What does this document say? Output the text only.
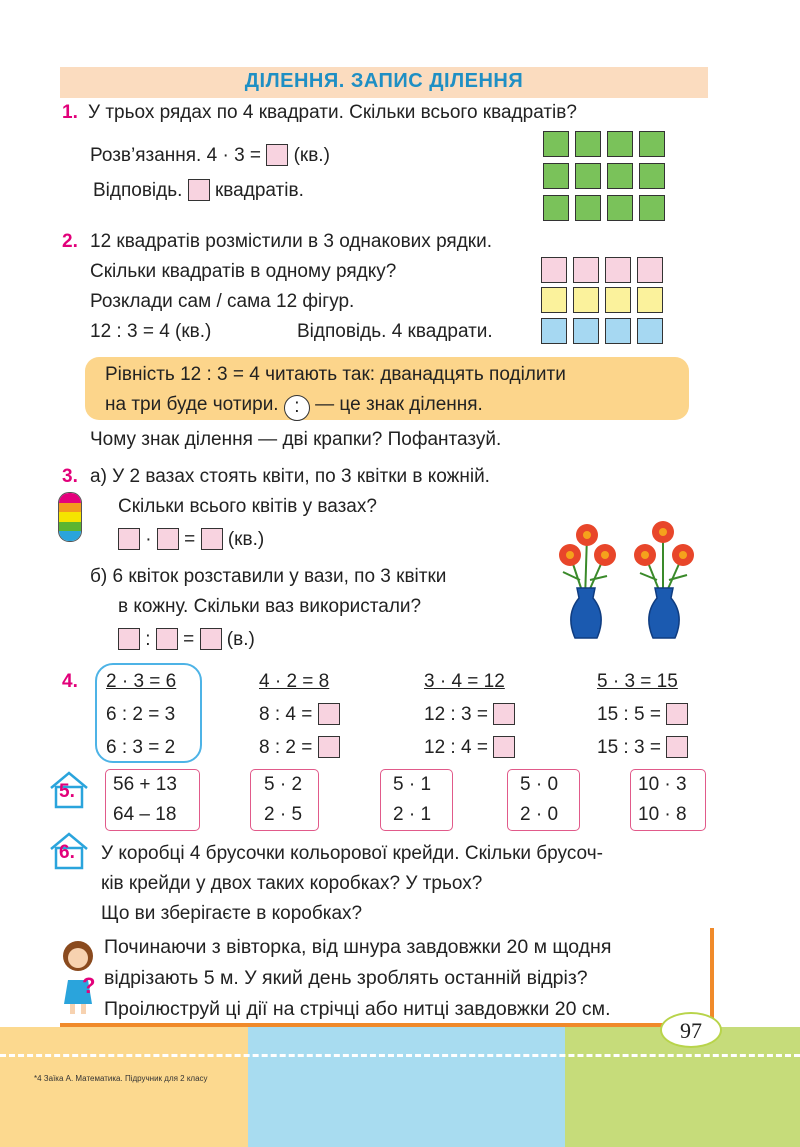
ДІЛЕННЯ. ЗАПИС ДІЛЕННЯ
1. У трьох рядах по 4 квадрати. Скільки всього квадратів?
Розв’язання. 4 · 3 = (кв.)
Відповідь. квадратів.
2. 12 квадратів розмістили в 3 однакових рядки.
Скільки квадратів в одному рядку?
Розклади сам / сама 12 фігур.
12 : 3 = 4 (кв.)	Відповідь. 4 квадрати.
Рівність 12 : 3 = 4 читають так: дванадцять поділити
на три буде чотири. : — це знак ділення.
Чому знак ділення — дві крапки? Пофантазуй.
3. а) У 2 вазах стоять квіти, по 3 квітки в кожній.
Скільки всього квітів у вазах?
· = (кв.)
б) 6 квіток розставили у вази, по 3 квітки
в кожну. Скільки ваз використали?
: = (в.)
4. 2 · 3 = 6
6 : 2 = 3
6 : 3 = 2
4 · 2 = 8
8 : 4 =
8 : 2 =
3 · 4 = 12
12 : 3 =
12 : 4 =
5 · 3 = 15
15 : 5 =
15 : 3 =
5. 56 + 13
64 – 18
5 · 2
2 · 5
5 · 1
2 · 1
5 · 0
2 · 0
10 · 3
10 · 8
6. У коробці 4 брусочки кольорової крейди. Скільки брусоч-
ків крейди у двох таких коробках? У трьох?
Що ви зберігаєте в коробках?
?
Починаючи з вівторка, від шнура завдовжки 20 м щодня
відрізають 5 м. У який день зроблять останній відріз?
Проілюструй ці дії на стрічці або нитці завдовжки 20 см.
97
*4 Заїка А. Математика. Підручник для 2 класу
